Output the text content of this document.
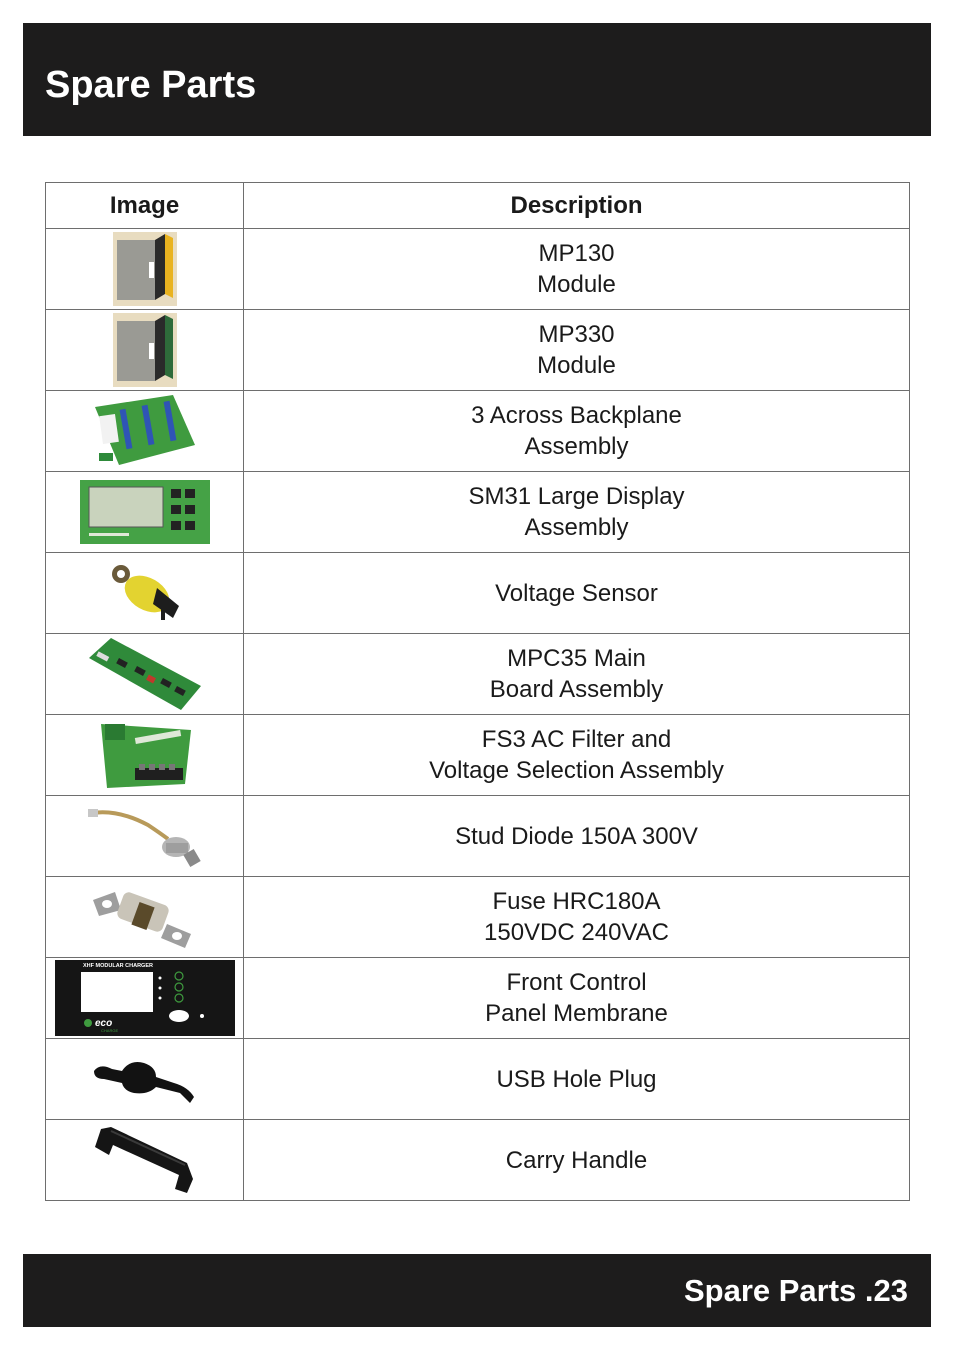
Spare Parts
Image	Description

MP130
Module

MP330
Module

3 Across Backplane
Assembly

SM31 Large Display
Assembly

Voltage Sensor

MPC35 Main
Board Assembly

FS3 AC Filter and
Voltage Selection Assembly

Stud Diode 150A 300V

Fuse HRC180A
150VDC 240VAC

XHF MODULAR CHARGER
eco
CHARGE	Front Control
Panel Membrane

USB Hole Plug

Carry Handle
Spare Parts .23
